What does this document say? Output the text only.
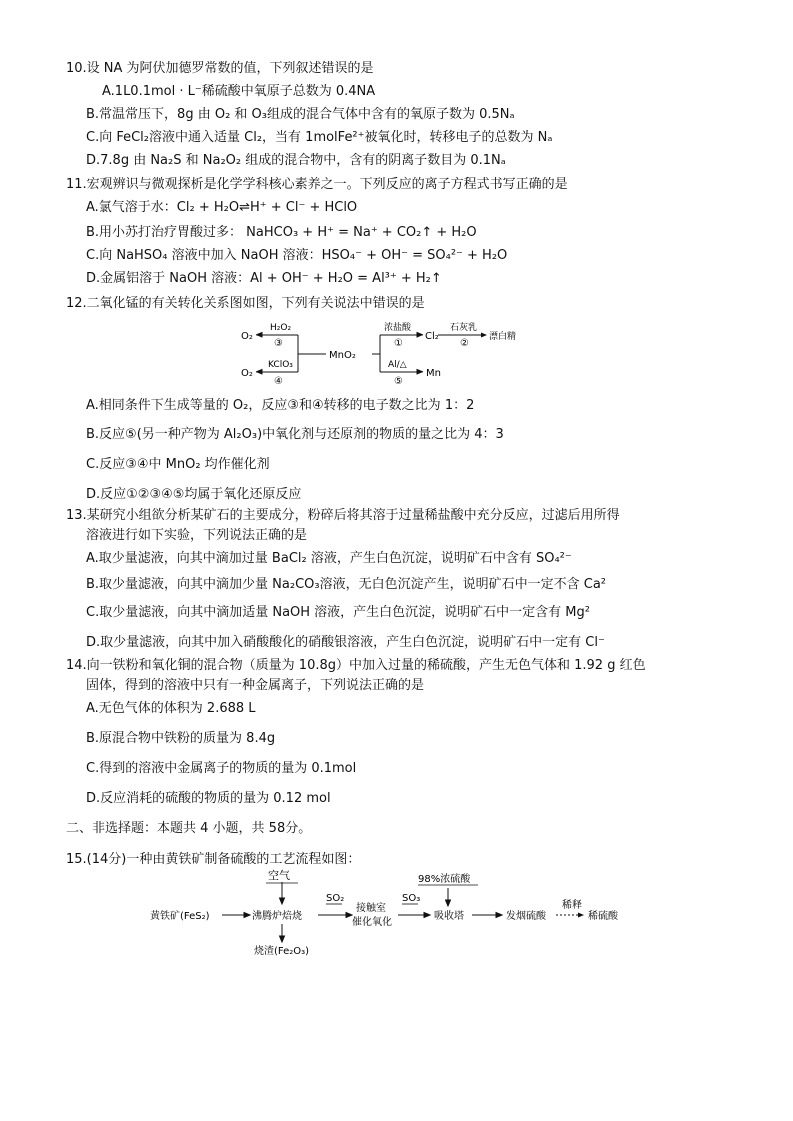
10.设 NA 为阿伏加德罗常数的值，下列叙述错误的是
A.1L0.1mol · L⁻稀硫酸中氧原子总数为 0.4NA
B.常温常压下，8g 由 O₂ 和 O₃组成的混合气体中含有的氧原子数为 0.5Nₐ
C.向 FeCl₂溶液中通入适量 Cl₂，当有 1molFe²⁺被氧化时，转移电子的总数为 Nₐ
D.7.8g 由 Na₂S 和 Na₂O₂ 组成的混合物中，含有的阴离子数目为 0.1Nₐ
11.宏观辨识与微观探析是化学学科核心素养之一。下列反应的离子方程式书写正确的是
A.氯气溶于水：Cl₂ + H₂O⇌H⁺ + Cl⁻ + HClO
B.用小苏打治疗胃酸过多： NaHCO₃ + H⁺ = Na⁺ + CO₂↑ + H₂O
C.向 NaHSO₄ 溶液中加入 NaOH 溶液：HSO₄⁻ + OH⁻ = SO₄²⁻ + H₂O
D.金属铝溶于 NaOH 溶液：Al + OH⁻ + H₂O = Al³⁺ + H₂↑
12.二氧化锰的有关转化关系图如图，下列有关说法中错误的是
O₂
H₂O₂
③
O₂
KClO₃
④
MnO₂
浓盐酸
①
Cl₂
Al/△
⑤
Mn
石灰乳
②
漂白精
A.相同条件下生成等量的 O₂，反应③和④转移的电子数之比为 1：2
B.反应⑤(另一种产物为 Al₂O₃)中氧化剂与还原剂的物质的量之比为 4：3
C.反应③④中 MnO₂ 均作催化剂
D.反应①②③④⑤均属于氧化还原反应
13.某研究小组欲分析某矿石的主要成分，粉碎后将其溶于过量稀盐酸中充分反应，过滤后用所得
溶液进行如下实验，下列说法正确的是
A.取少量滤液，向其中滴加过量 BaCl₂ 溶液，产生白色沉淀，说明矿石中含有 SO₄²⁻
B.取少量滤液，向其中滴加少量 Na₂CO₃溶液，无白色沉淀产生，说明矿石中一定不含 Ca²
C.取少量滤液，向其中滴加适量 NaOH 溶液，产生白色沉淀，说明矿石中一定含有 Mg²
D.取少量滤液，向其中加入硝酸酸化的硝酸银溶液，产生白色沉淀，说明矿石中一定有 Cl⁻
14.向一铁粉和氧化铜的混合物（质量为 10.8g）中加入过量的稀硫酸，产生无色气体和 1.92 g 红色
固体，得到的溶液中只有一种金属离子，下列说法正确的是
A.无色气体的体积为 2.688 L
B.原混合物中铁粉的质量为 8.4g
C.得到的溶液中金属离子的物质的量为 0.1mol
D.反应消耗的硫酸的物质的量为 0.12 mol
二、非选择题：本题共 4 小题，共 58分。
15.(14分)一种由黄铁矿制备硫酸的工艺流程如图：
空气
黄铁矿(FeS₂)	沸腾炉焙烧
烧渣(Fe₂O₃)
SO₂
接触室
催化氧化
SO₃
98%浓硫酸
吸收塔	发烟硫酸
稀释
稀硫酸
